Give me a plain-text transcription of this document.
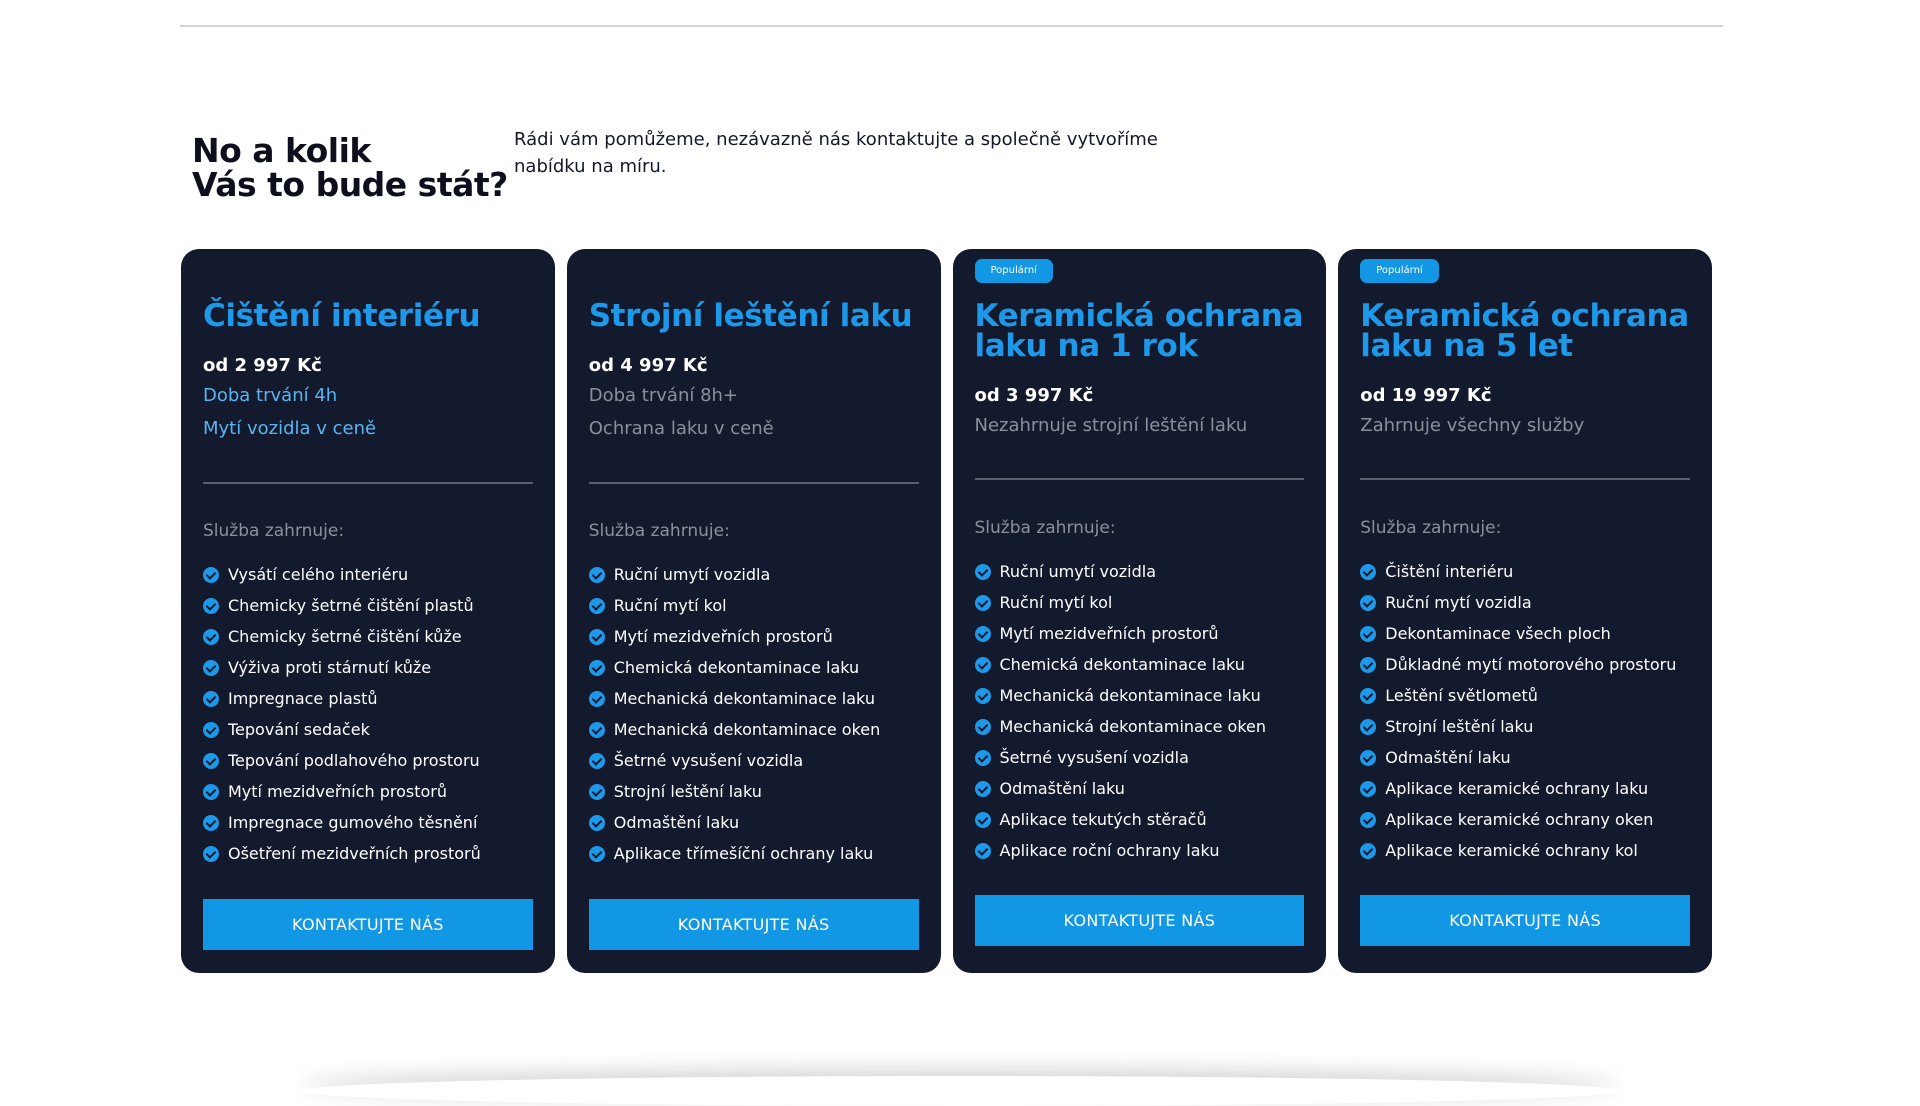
No a kolik
Vás to bude stát?

Rádi vám pomůžeme, nezávazně nás kontaktujte a společně vytvoříme nabídku na míru.

Čištění interiéru
od 2 997 Kč
Doba trvání 4h
Mytí vozidla v ceně
Služba zahrnuje:
Vysátí celého interiéru
Chemicky šetrné čištění plastů
Chemicky šetrné čištění kůže
Výživa proti stárnutí kůže
Impregnace plastů
Tepování sedaček
Tepování podlahového prostoru
Mytí mezidveřních prostorů
Impregnace gumového těsnění
Ošetření mezidveřních prostorů
KONTAKTUJTE NÁS
Strojní leštění laku
od 4 997 Kč
Doba trvání 8h+
Ochrana laku v ceně
Služba zahrnuje:
Ruční umytí vozidla
Ruční mytí kol
Mytí mezidveřních prostorů
Chemická dekontaminace laku
Mechanická dekontaminace laku
Mechanická dekontaminace oken
Šetrné vysušení vozidla
Strojní leštění laku
Odmaštění laku
Aplikace třímešíční ochrany laku
KONTAKTUJTE NÁS
Populární
Keramická ochrana
laku na 1 rok
od 3 997 Kč
Nezahrnuje strojní leštění laku
Služba zahrnuje:
Ruční umytí vozidla
Ruční mytí kol
Mytí mezidveřních prostorů
Chemická dekontaminace laku
Mechanická dekontaminace laku
Mechanická dekontaminace oken
Šetrné vysušení vozidla
Odmaštění laku
Aplikace tekutých stěračů
Aplikace roční ochrany laku
KONTAKTUJTE NÁS
Populární
Keramická ochrana
laku na 5 let
od 19 997 Kč
Zahrnuje všechny služby
Služba zahrnuje:
Čištění interiéru
Ruční mytí vozidla
Dekontaminace všech ploch
Důkladné mytí motorového prostoru
Leštění světlometů
Strojní leštění laku
Odmaštění laku
Aplikace keramické ochrany laku
Aplikace keramické ochrany oken
Aplikace keramické ochrany kol
KONTAKTUJTE NÁS
